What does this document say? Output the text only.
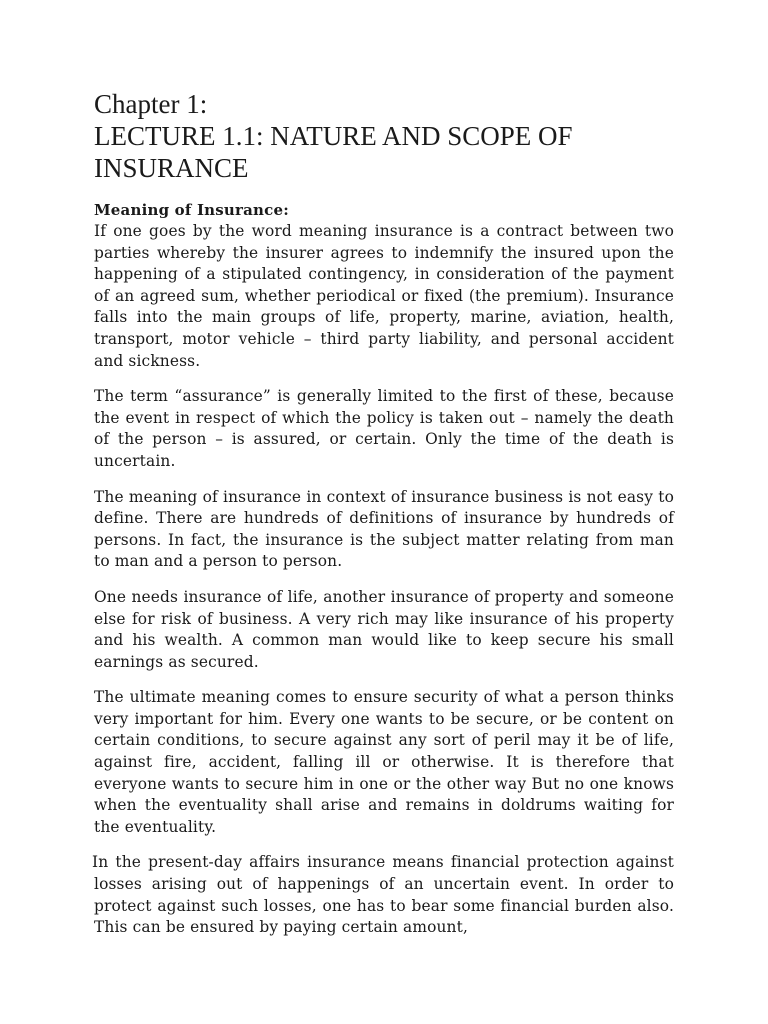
Chapter 1:
LECTURE 1.1: NATURE AND SCOPE OF
INSURANCE
Meaning of Insurance:

If one goes by the word meaning insurance is a contract between two parties whereby the insurer agrees to indemnify the insured upon the happening of a stipulated contingency, in consideration of the payment of an agreed sum, whether periodical or fixed (the premium). Insurance falls into the main groups of life, property, marine, aviation, health, transport, motor vehicle – third party liability, and personal accident and sickness.

The term “assurance” is generally limited to the first of these, because the event in respect of which the policy is taken out – namely the death of the person – is assured, or certain. Only the time of the death is uncertain.

The meaning of insurance in context of insurance business is not easy to define. There are hundreds of definitions of insurance by hundreds of persons. In fact, the insurance is the subject matter relating from man to man and a person to person.

One needs insurance of life, another insurance of property and someone else for risk of business. A very rich may like insurance of his property and his wealth. A common man would like to keep secure his small earnings as secured.

The ultimate meaning comes to ensure security of what a person thinks very important for him. Every one wants to be secure, or be content on certain conditions, to secure against any sort of peril may it be of life, against fire, accident, falling ill or otherwise. It is therefore that everyone wants to secure him in one or the other way But no one knows when the eventuality shall arise and remains in doldrums waiting for the eventuality.

In the present-day affairs insurance means financial protection against losses arising out of happenings of an uncertain event. In order to protect against such losses, one has to bear some financial burden also. This can be ensured by paying certain amount,
